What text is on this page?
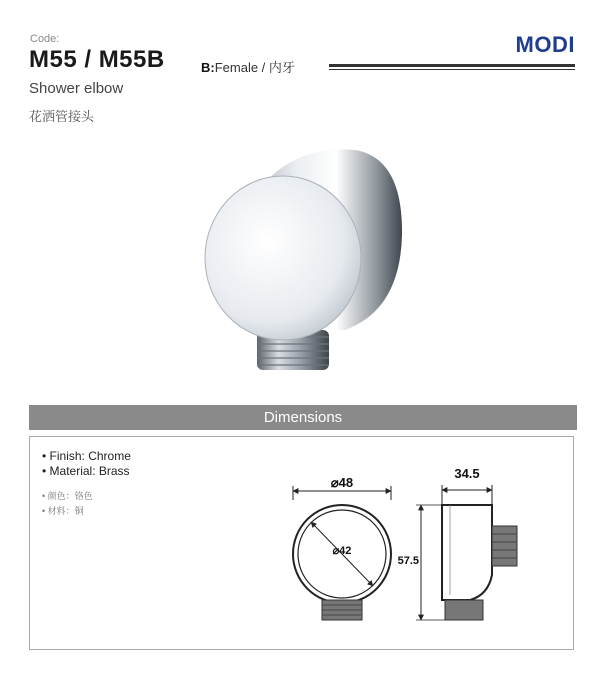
Code:
M55 / M55B	B:Female / 内牙
MODI
Shower elbow
花洒管接头
Dimensions
• Finish: Chrome
• Material: Brass
• 颜色：铬色
• 材料：铜
⌀48
⌀42
34.5
57.5
